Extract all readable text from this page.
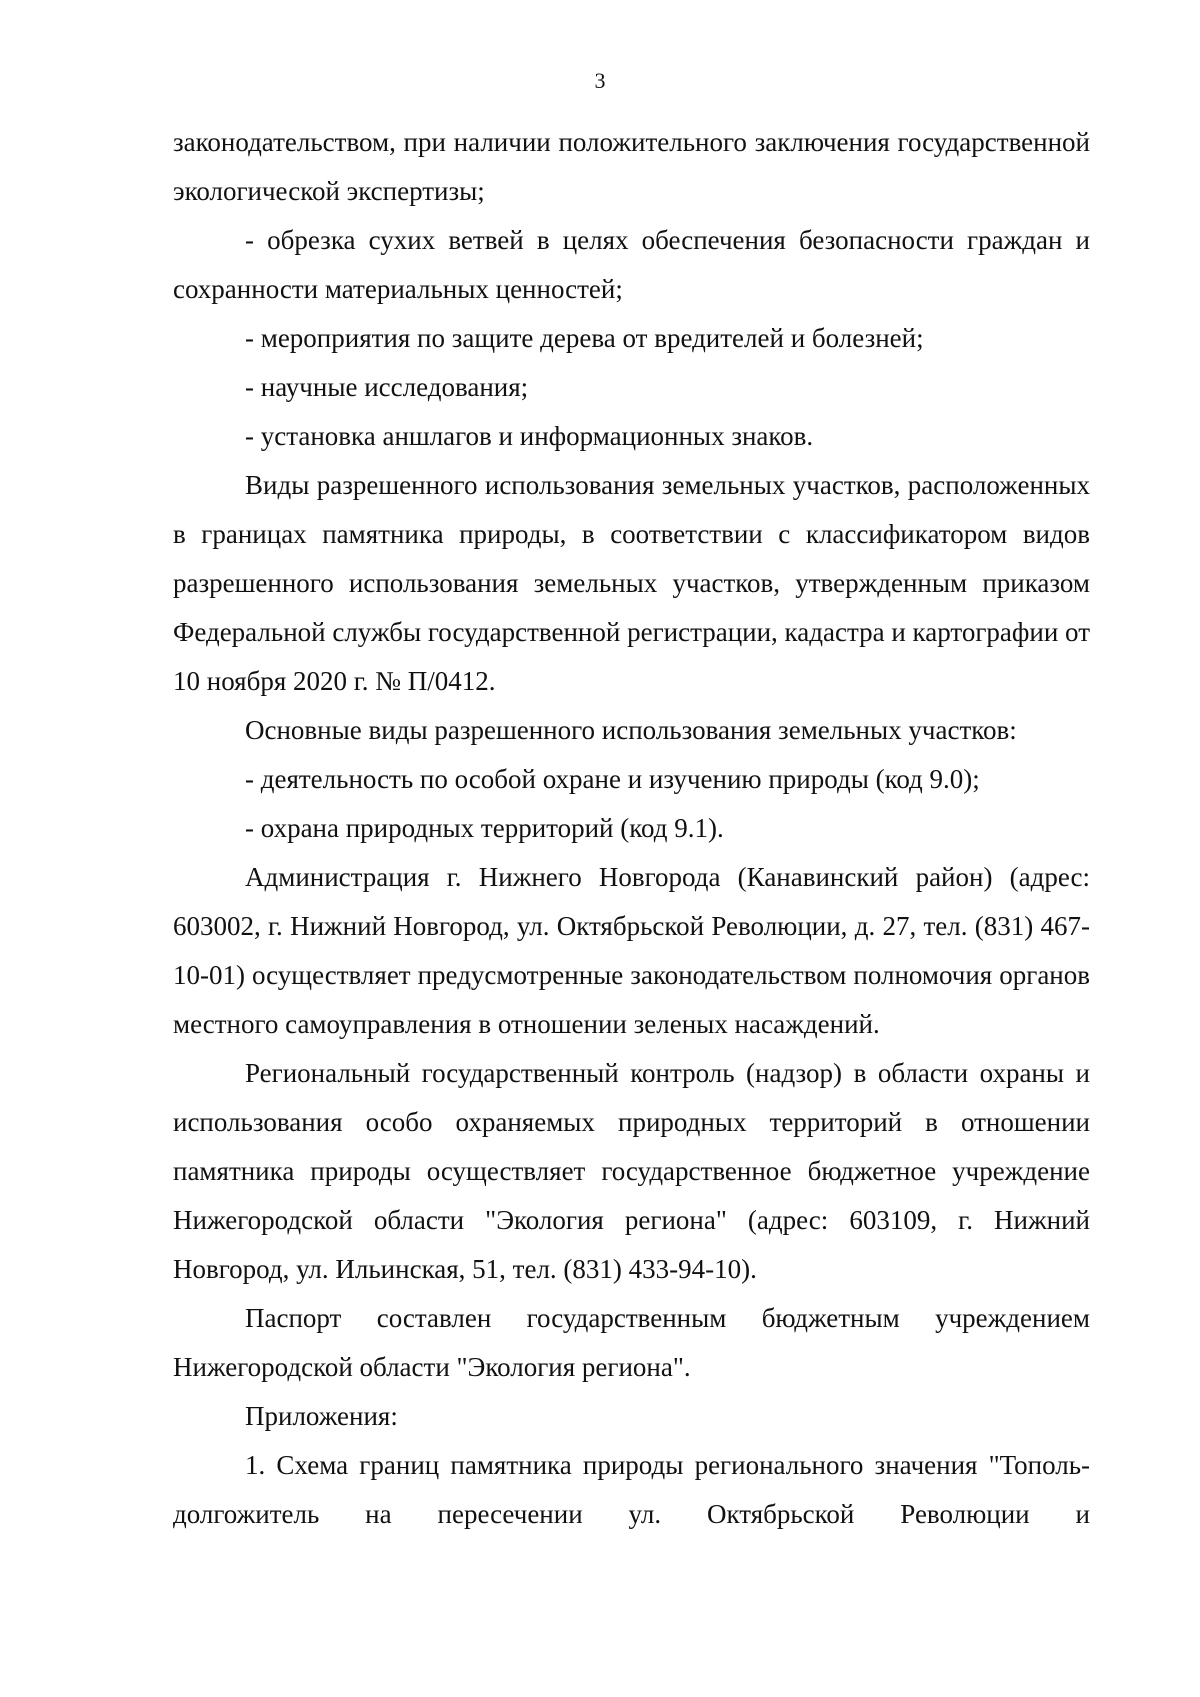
3

законодательством, при наличии положительного заключения государственной экологической экспертизы;

- обрезка сухих ветвей в целях обеспечения безопасности граждан и сохранности материальных ценностей;

- мероприятия по защите дерева от вредителей и болезней;

- научные исследования;

- установка аншлагов и информационных знаков.

Виды разрешенного использования земельных участков, расположенных в границах памятника природы, в соответствии с классификатором видов разрешенного использования земельных участков, утвержденным приказом Федеральной службы государственной регистрации, кадастра и картографии от 10 ноября 2020 г. № П/0412.

Основные виды разрешенного использования земельных участков:

- деятельность по особой охране и изучению природы (код 9.0);

- охрана природных территорий (код 9.1).

Администрация г. Нижнего Новгорода (Канавинский район) (адрес: 603002, г. Нижний Новгород, ул. Октябрьской Революции, д. 27, тел. (831) 467-10-01) осуществляет предусмотренные законодательством полномочия органов местного самоуправления в отношении зеленых насаждений.

Региональный государственный контроль (надзор) в области охраны и использования особо охраняемых природных территорий в отношении памятника природы осуществляет государственное бюджетное учреждение Нижегородской области "Экология региона" (адрес: 603109, г. Нижний Новгород, ул. Ильинская, 51, тел. (831) 433-94-10).

Паспорт составлен государственным бюджетным учреждением Нижегородской области "Экология региона".

Приложения:

1. Схема границ памятника природы регионального значения "Тополь-долгожитель на пересечении ул. Октябрьской Революции и
